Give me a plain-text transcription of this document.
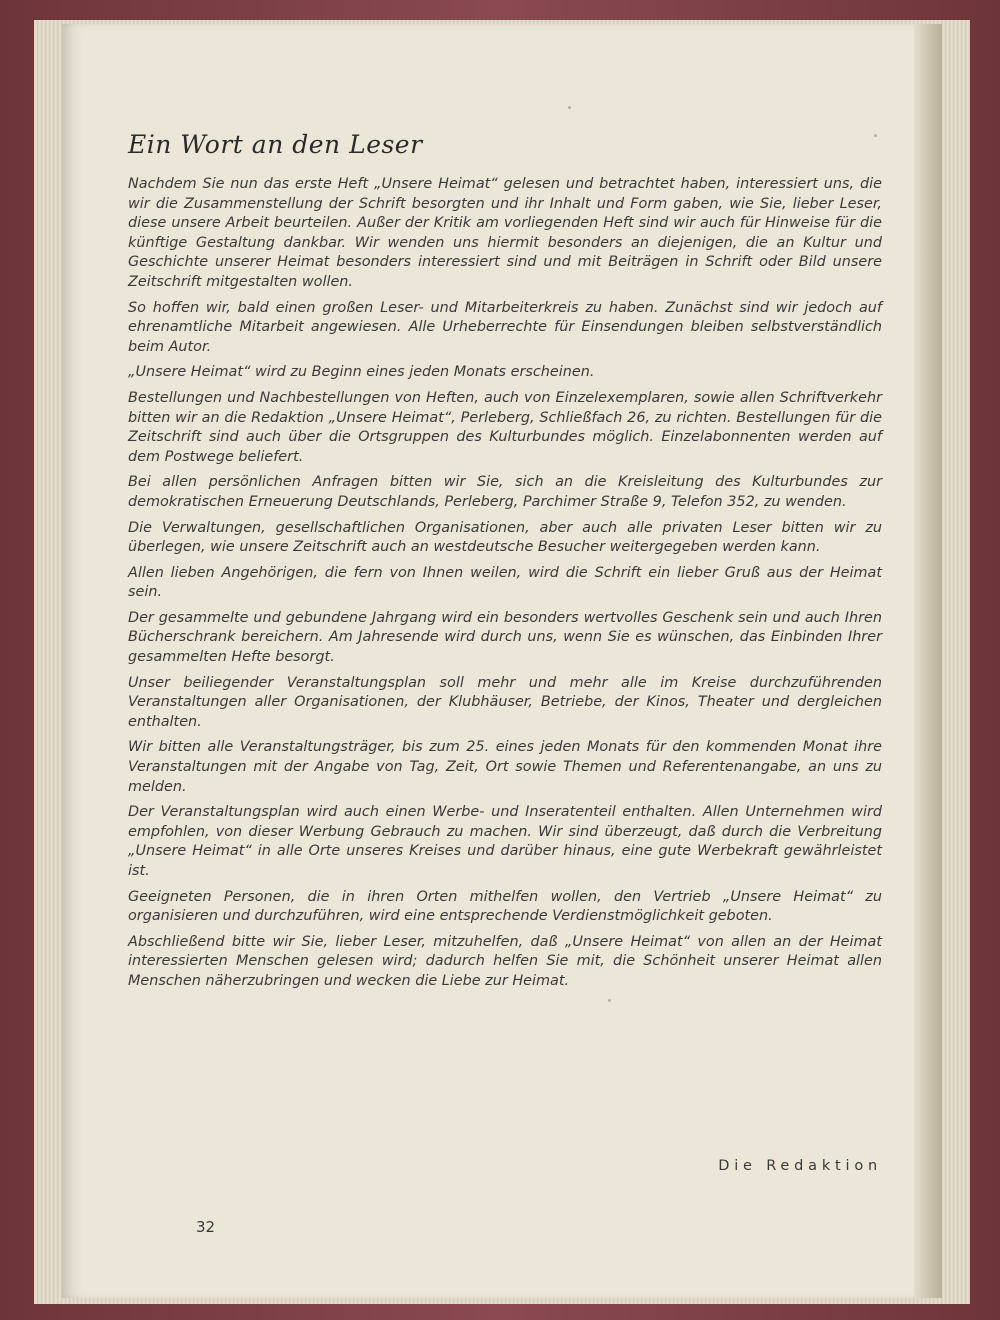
Ein Wort an den Leser

Nachdem Sie nun das erste Heft „Unsere Heimat“ gelesen und betrachtet haben, interessiert uns, die wir die Zusammenstellung der Schrift besorgten und ihr Inhalt und Form gaben, wie Sie, lieber Leser, diese unsere Arbeit beurteilen. Außer der Kritik am vorliegenden Heft sind wir auch für Hinweise für die künftige Gestaltung dankbar. Wir wenden uns hiermit besonders an diejenigen, die an Kultur und Geschichte unserer Heimat besonders interessiert sind und mit Beiträgen in Schrift oder Bild unsere Zeitschrift mitgestalten wollen.

So hoffen wir, bald einen großen Leser- und Mitarbeiterkreis zu haben. Zunächst sind wir jedoch auf ehrenamtliche Mitarbeit angewiesen. Alle Urheberrechte für Einsendungen bleiben selbstverständlich beim Autor.

„Unsere Heimat“ wird zu Beginn eines jeden Monats erscheinen.

Bestellungen und Nachbestellungen von Heften, auch von Einzelexemplaren, sowie allen Schriftverkehr bitten wir an die Redaktion „Unsere Heimat“, Perleberg, Schließfach 26, zu richten. Bestellungen für die Zeitschrift sind auch über die Ortsgruppen des Kulturbundes möglich. Einzelabonnenten werden auf dem Postwege beliefert.

Bei allen persönlichen Anfragen bitten wir Sie, sich an die Kreisleitung des Kulturbundes zur demokratischen Erneuerung Deutschlands, Perleberg, Parchimer Straße 9, Telefon 352, zu wenden.

Die Verwaltungen, gesellschaftlichen Organisationen, aber auch alle privaten Leser bitten wir zu überlegen, wie unsere Zeitschrift auch an westdeutsche Besucher weitergegeben werden kann.

Allen lieben Angehörigen, die fern von Ihnen weilen, wird die Schrift ein lieber Gruß aus der Heimat sein.

Der gesammelte und gebundene Jahrgang wird ein besonders wertvolles Geschenk sein und auch Ihren Bücherschrank bereichern. Am Jahresende wird durch uns, wenn Sie es wünschen, das Einbinden Ihrer gesammelten Hefte besorgt.

Unser beiliegender Veranstaltungsplan soll mehr und mehr alle im Kreise durchzuführenden Veranstaltungen aller Organisationen, der Klubhäuser, Betriebe, der Kinos, Theater und dergleichen enthalten.

Wir bitten alle Veranstaltungsträger, bis zum 25. eines jeden Monats für den kommenden Monat ihre Veranstaltungen mit der Angabe von Tag, Zeit, Ort sowie Themen und Referentenangabe, an uns zu melden.

Der Veranstaltungsplan wird auch einen Werbe- und Inseratenteil enthalten. Allen Unternehmen wird empfohlen, von dieser Werbung Gebrauch zu machen. Wir sind überzeugt, daß durch die Verbreitung „Unsere Heimat“ in alle Orte unseres Kreises und darüber hinaus, eine gute Werbekraft gewährleistet ist.

Geeigneten Personen, die in ihren Orten mithelfen wollen, den Vertrieb „Unsere Heimat“ zu organisieren und durchzuführen, wird eine entsprechende Verdienstmöglichkeit geboten.

Abschließend bitte wir Sie, lieber Leser, mitzuhelfen, daß „Unsere Heimat“ von allen an der Heimat interessierten Menschen gelesen wird; dadurch helfen Sie mit, die Schönheit unserer Heimat allen Menschen näherzubringen und wecken die Liebe zur Heimat.

Die Redaktion
32
